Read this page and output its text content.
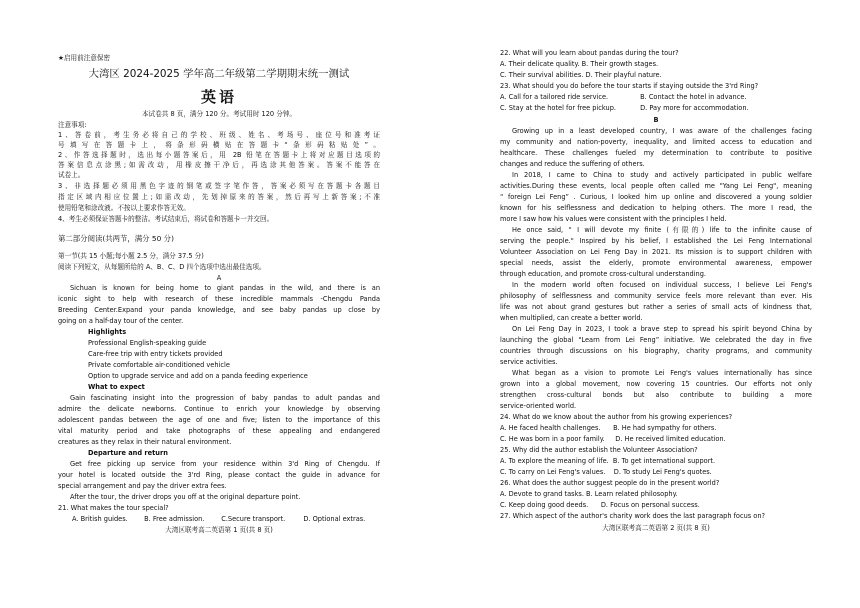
★启用前注意保密
大湾区 2024-2025 学年高二年级第二学期期末统一测试
英语
本试卷共 8 页，满分 120 分。考试用时 120 分钟。
注意事项:
1、答卷前，考生务必将自己的学校、班级、姓名、考场号、座位号和准考证
号填写在答题卡上，将条形码横贴在答题卡“条形码粘贴处”。
2、作答选择题时，选出每小题答案后，用 2B 铅笔在答题卡上将对应题目选项的
答案信息点涂黑;如需改动，用橡皮擦干净后，再选涂其他答案。答案不能答在
试卷上。
3、非选择题必须用黑色字迹的钢笔或签字笔作答，答案必须写在答题卡各题目
指定区域内相应位置上;如需改动，先划掉原来的答案，然后再写上新答案;不准
使用铅笔和涂改液。不按以上要求作答无效。
4、考生必须保证答题卡的整洁。考试结束后，将试卷和答题卡一并交回。
第二部分阅读(共两节，满分 50 分)
第一节(共 15 小题;每小题 2.5 分，满分 37.5 分)
阅读下列短文，从每题所给的 A、B、C、D 四个选项中选出最佳选项。
A
Sichuan is known for being home to giant pandas in the wild, and there is an
iconic sight to help with research of these incredible mammals -Chengdu Panda
Breeding Center.Expand your panda knowledge, and see baby pandas up close by
going on a half-day tour of the center.
Highlights
Professional English-speaking guide
Care-free trip with entry tickets provided
Private comfortable air-conditioned vehicle
Option to upgrade service and add on a panda feeding experience
What to expect
Gain fascinating insight into the progression of baby pandas to adult pandas and
admire the delicate newborns. Continue to enrich your knowledge by observing
adolescent pandas between the age of one and five; listen to the importance of this
vital maturity period and take photographs of these appealing and endangered
creatures as they relax in their natural environment.
Departure and return
Get free picking up service from your residence within 3'd Ring of Chengdu. If
your hotel is located outside the 3'rd Ring, please contact the guide in advance for
special arrangement and pay the driver extra fees.
After the tour, the driver drops you off at the original departure point.
21. What makes the tour special?
A. British guides. B. Free admission.	C.Secure transport.	D. Optional extras.
大湾区联考高二英语第 1 页(共 8 页)
22. What will you learn about pandas during the tour?
A. Their delicate quality. B. Their growth stages.
C. Their survival abilities. D. Their playful nature.
23. What should you do before the tour starts if staying outside the 3'rd Ring?
A. Call for a tailored ride service.	B. Contact the hotel in advance.
C. Stay at the hotel for free pickup.	D. Pay more for accommodation.
B
Growing up in a least developed country, I was aware of the challenges facing
my community and nation-poverty, inequality, and limited access to education and
healthcare. These challenges fueled my determination to contribute to positive
changes and reduce the suffering of others.
In 2018, I came to China to study and actively participated in public welfare
activities.During these events, local people often called me "Yang Lei Feng", meaning
“ foreign Lei Feng” . Curious, I looked him up online and discovered a young soldier
known for his selflessness and dedication to helping others. The more I read, the
more I saw how his values were consistent with the principles I held.
He once said, “ I will devote my finite (有限的) life to the infinite cause of
serving the people." Inspired by his belief, I established the Lei Feng International
Volunteer Association on Lei Feng Day in 2021. Its mission is to support children with
special needs, assist the elderly, promote environmental awareness, empower
through education, and promote cross-cultural understanding.
In the modern world often focused on individual success, I believe Lei Feng's
philosophy of selflessness and community service feels more relevant than ever. His
life was not about grand gestures but rather a series of small acts of kindness that,
when multiplied, can create a better world.
On Lei Feng Day in 2023, I took a brave step to spread his spirit beyond China by
launching the global "Learn from Lei Feng” initiative. We celebrated the day in five
countries through discussions on his biography, charity programs, and community
service activities.
What began as a vision to promote Lei Feng's values internationally has since
grown into a global movement, now covering 15 countries. Our efforts not only
strengthen cross-cultural bonds but also contribute to building a more
service-oriented world.
24. What do we know about the author from his growing experiences?
A. He faced health challenges.      B. He had sympathy for others.
C. He was born in a poor family.     D. He received limited education.
25. Why did the author establish the Volunteer Association?
A. To explore the meaning of life.  B. To get international support.
C. To carry on Lei Feng's values.    D. To study Lei Feng's quotes.
26. What does the author suggest people do in the present world?
A. Devote to grand tasks. B. Learn related philosophy.
C. Keep doing good deeds.      D. Focus on personal success.
27. Which aspect of the author's charity work does the last paragraph focus on?
大湾区联考高二英语第 2 页(共 8 页)
